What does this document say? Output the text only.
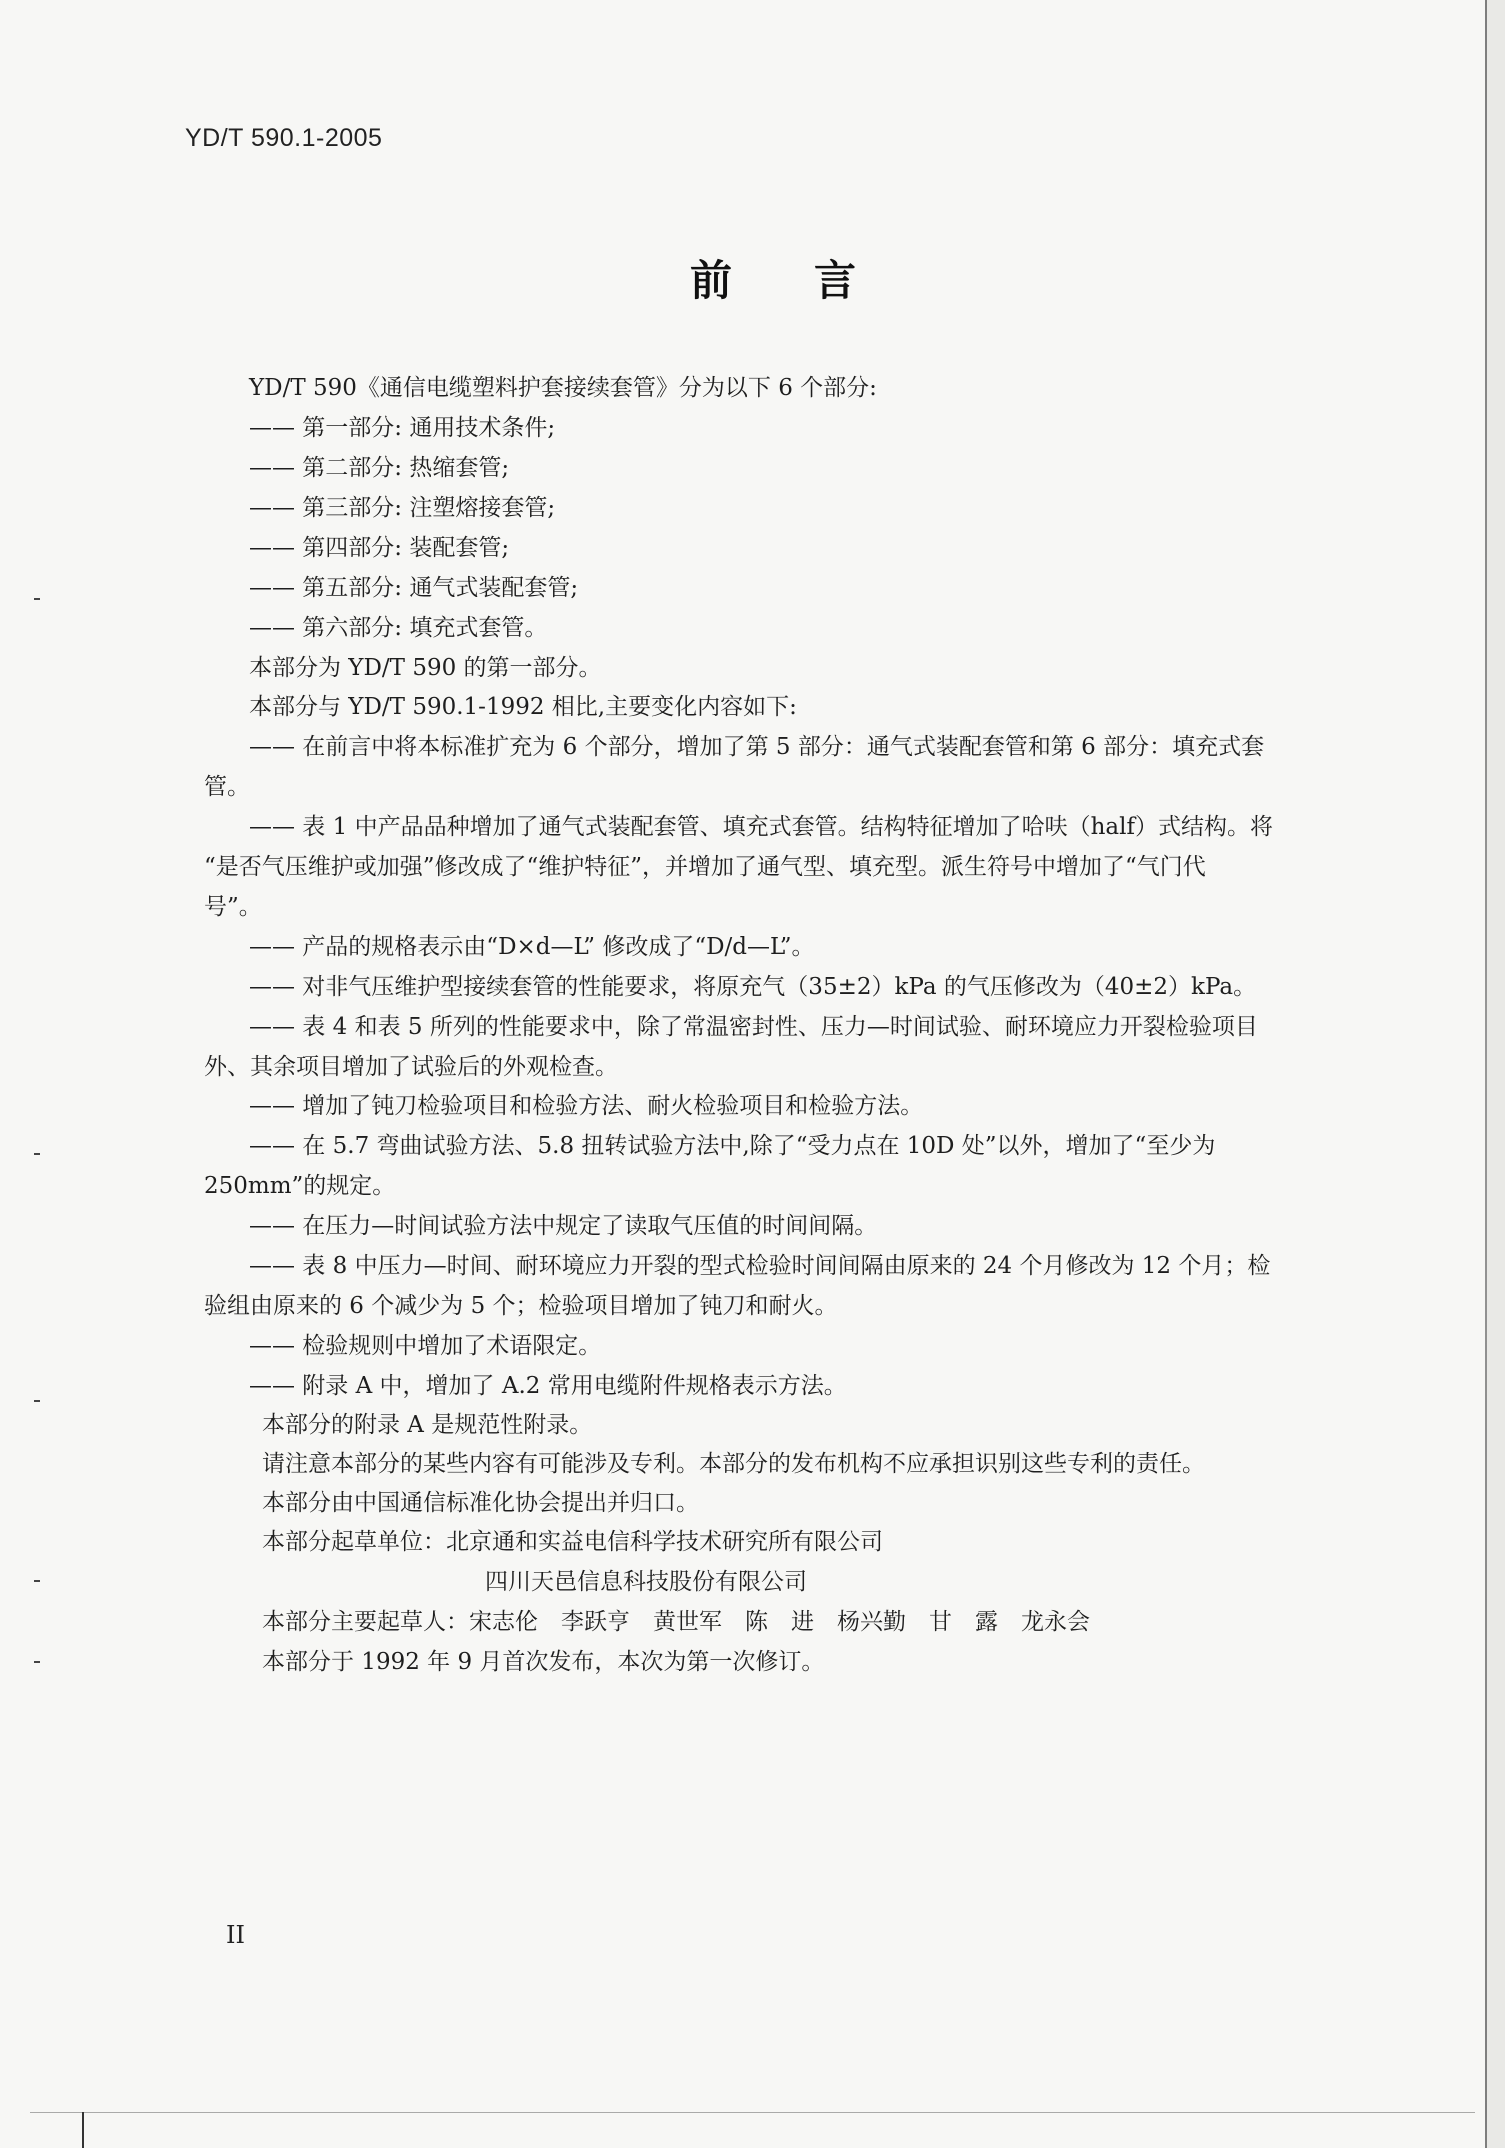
YD/T 590.1-2005
前言
YD/T 590《通信电缆塑料护套接续套管》分为以下 6 个部分:
—— 第一部分: 通用技术条件;
—— 第二部分: 热缩套管;
—— 第三部分: 注塑熔接套管;
—— 第四部分: 装配套管;
—— 第五部分: 通气式装配套管;
—— 第六部分: 填充式套管。
本部分为 YD/T 590 的第一部分。
本部分与 YD/T 590.1-1992 相比,主要变化内容如下:
—— 在前言中将本标准扩充为 6 个部分，增加了第 5 部分：通气式装配套管和第 6 部分：填充式套
管。
—— 表 1 中产品品种增加了通气式装配套管、填充式套管。结构特征增加了哈呋（half）式结构。将
“是否气压维护或加强”修改成了“维护特征”，并增加了通气型、填充型。派生符号中增加了“气门代
号”。
—— 产品的规格表示由“D×d—L” 修改成了“D/d—L”。
—— 对非气压维护型接续套管的性能要求，将原充气（35±2）kPa 的气压修改为（40±2）kPa。
—— 表 4 和表 5 所列的性能要求中，除了常温密封性、压力—时间试验、耐环境应力开裂检验项目
外、其余项目增加了试验后的外观检查。
—— 增加了钝刀检验项目和检验方法、耐火检验项目和检验方法。
—— 在 5.7 弯曲试验方法、5.8 扭转试验方法中,除了“受力点在 10D 处”以外，增加了“至少为
250mm”的规定。
—— 在压力—时间试验方法中规定了读取气压值的时间间隔。
—— 表 8 中压力—时间、耐环境应力开裂的型式检验时间间隔由原来的 24 个月修改为 12 个月；检
验组由原来的 6 个减少为 5 个；检验项目增加了钝刀和耐火。
—— 检验规则中增加了术语限定。
—— 附录 A 中，增加了 A.2 常用电缆附件规格表示方法。
本部分的附录 A 是规范性附录。
请注意本部分的某些内容有可能涉及专利。本部分的发布机构不应承担识别这些专利的责任。
本部分由中国通信标准化协会提出并归口。
本部分起草单位：北京通和实益电信科学技术研究所有限公司
四川天邑信息科技股份有限公司
本部分主要起草人：宋志伦　李跃亨　黄世军　陈　进　杨兴勤　甘　露　龙永会
本部分于 1992 年 9 月首次发布，本次为第一次修订。
II
